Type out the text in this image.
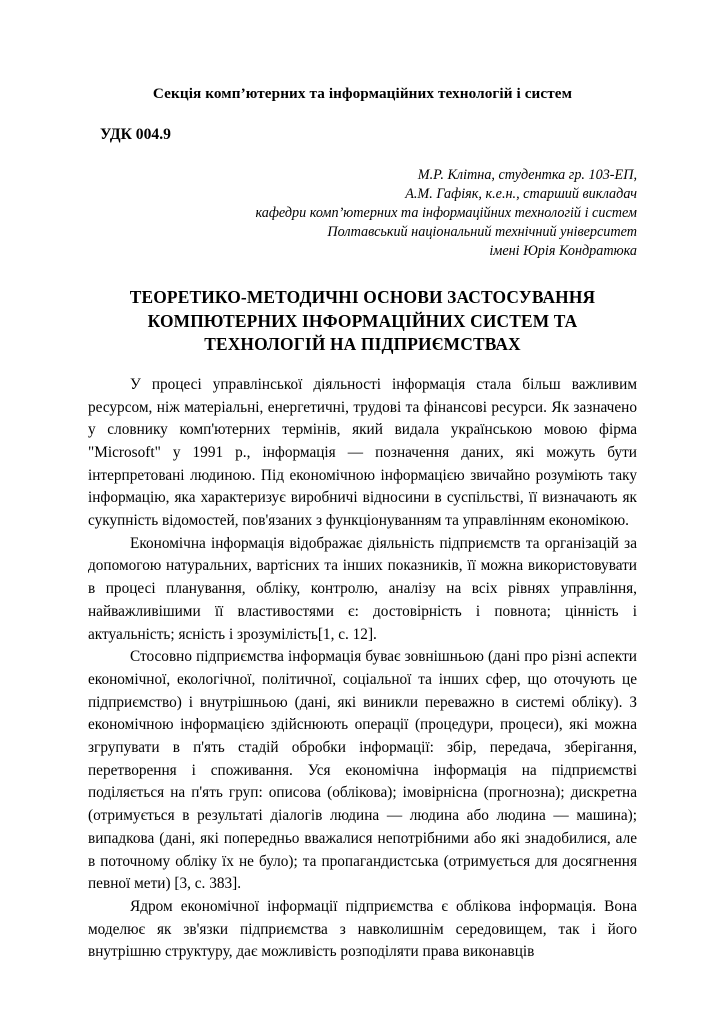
Секція комп’ютерних та інформаційних технологій і систем
УДК 004.9
М.Р. Клітна, студентка гр. 103-ЕП,
А.М. Гафіяк, к.е.н., старший викладач
кафедри комп’ютерних та інформаційних технологій і систем
Полтавський національний технічний університет
імені Юрія Кондратюка
ТЕОРЕТИКО-МЕТОДИЧНІ ОСНОВИ ЗАСТОСУВАННЯ
КОМПЮТЕРНИХ ІНФОРМАЦІЙНИХ СИСТЕМ ТА
ТЕХНОЛОГІЙ НА ПІДПРИЄМСТВАХ

У процесі управлінської діяльності інформація стала більш важливим ресурсом, ніж матеріальні, енергетичні, трудові та фінансові ресурси. Як зазначено у словнику комп'ютерних термінів, який видала українською мовою фірма "Microsoft" у 1991 р., інформація — позначення даних, які можуть бути інтерпретовані людиною. Під економічною інформацією звичайно розуміють таку інформацію, яка характеризує виробничі відносини в суспільстві, її визначають як сукупність відомостей, пов'язаних з функціонуванням та управлінням економікою.

Економічна інформація відображає діяльність підприємств та організацій за допомогою натуральних, вартісних та інших показників, її можна використовувати в процесі планування, обліку, контролю, аналізу на всіх рівнях управління, найважливішими її властивостями є: достовірність і повнота; цінність і актуальність; ясність і зрозумілість[1, с. 12].

Стосовно підприємства інформація буває зовнішньою (дані про різні аспекти економічної, екологічної, політичної, соціальної та інших сфер, що оточують це підприємство) і внутрішньою (дані, які виникли переважно в системі обліку). З економічною інформацією здійснюють операції (процедури, процеси), які можна згрупувати в п'ять стадій обробки інформації: збір, передача, зберігання, перетворення і споживання. Уся економічна інформація на підприємстві поділяється на п'ять груп: описова (облікова); імовірнісна (прогнозна); дискретна (отримується в результаті діалогів людина — людина або людина — машина); випадкова (дані, які попередньо вважалися непотрібними або які знадобилися, але в поточному обліку їх не було); та пропагандистська (отримується для досягнення певної мети) [3, с. 383].

Ядром економічної інформації підприємства є облікова інформація. Вона моделює як зв'язки підприємства з навколишнім середовищем, так і його внутрішню структуру, дає можливість розподіляти права виконавців
